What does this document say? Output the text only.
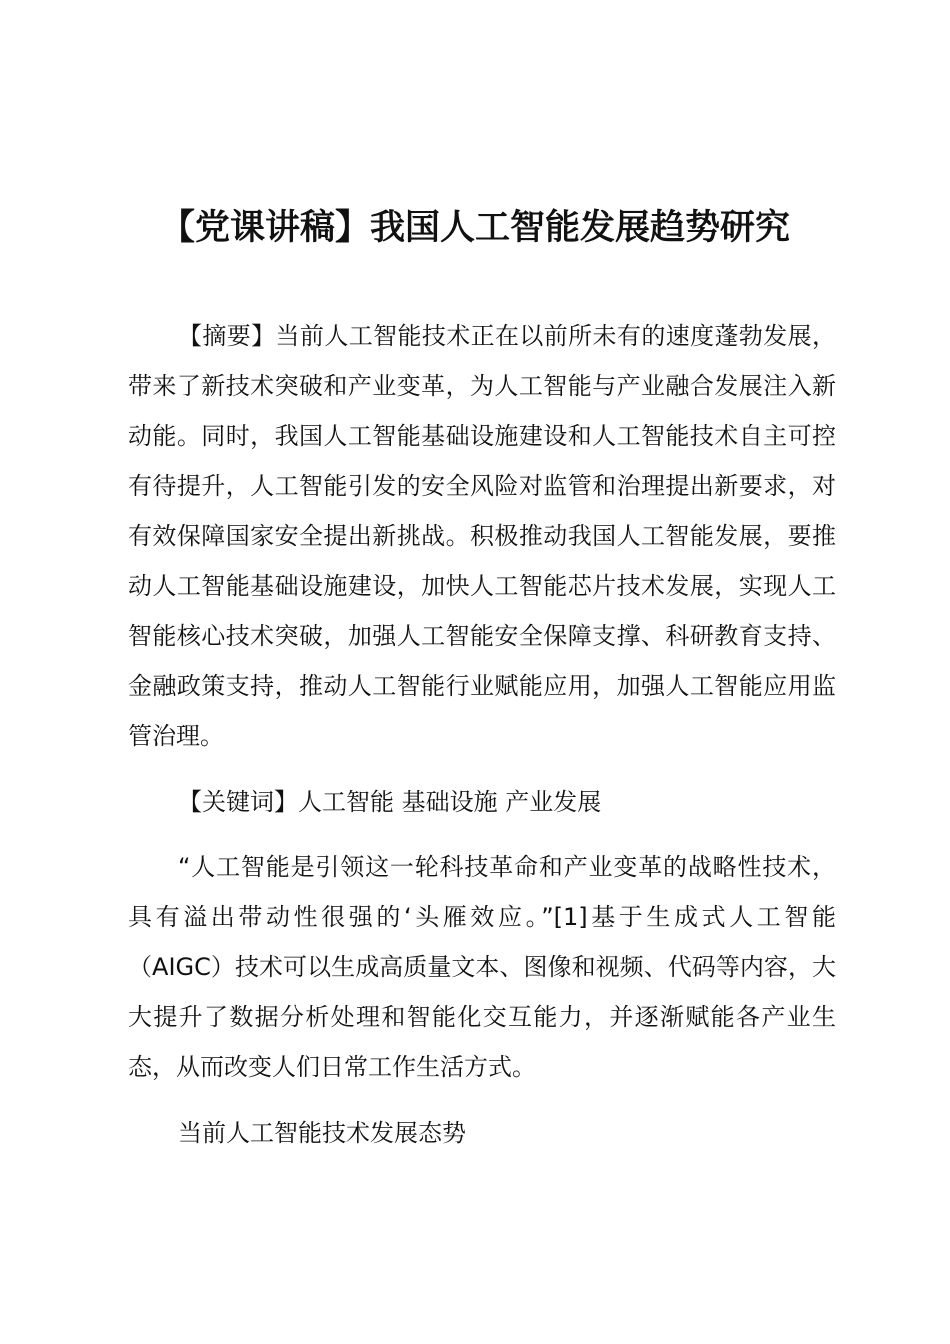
【党课讲稿】我国人工智能发展趋势研究

【摘要】当前人工智能技术正在以前所未有的速度蓬勃发展，带来了新技术突破和产业变革，为人工智能与产业融合发展注入新动能。同时，我国人工智能基础设施建设和人工智能技术自主可控有待提升，人工智能引发的安全风险对监管和治理提出新要求，对有效保障国家安全提出新挑战。积极推动我国人工智能发展，要推动人工智能基础设施建设，加快人工智能芯片技术发展，实现人工智能核心技术突破，加强人工智能安全保障支撑、科研教育支持、金融政策支持，推动人工智能行业赋能应用，加强人工智能应用监管治理。

【关键词】人工智能 基础设施 产业发展

“人工智能是引领这一轮科技革命和产业变革的战略性技术，具有溢出带动性很强的‘头雁效应。”[1]基于生成式人工智能（AIGC）技术可以生成高质量文本、图像和视频、代码等内容，大大提升了数据分析处理和智能化交互能力，并逐渐赋能各产业生态，从而改变人们日常工作生活方式。

当前人工智能技术发展态势
